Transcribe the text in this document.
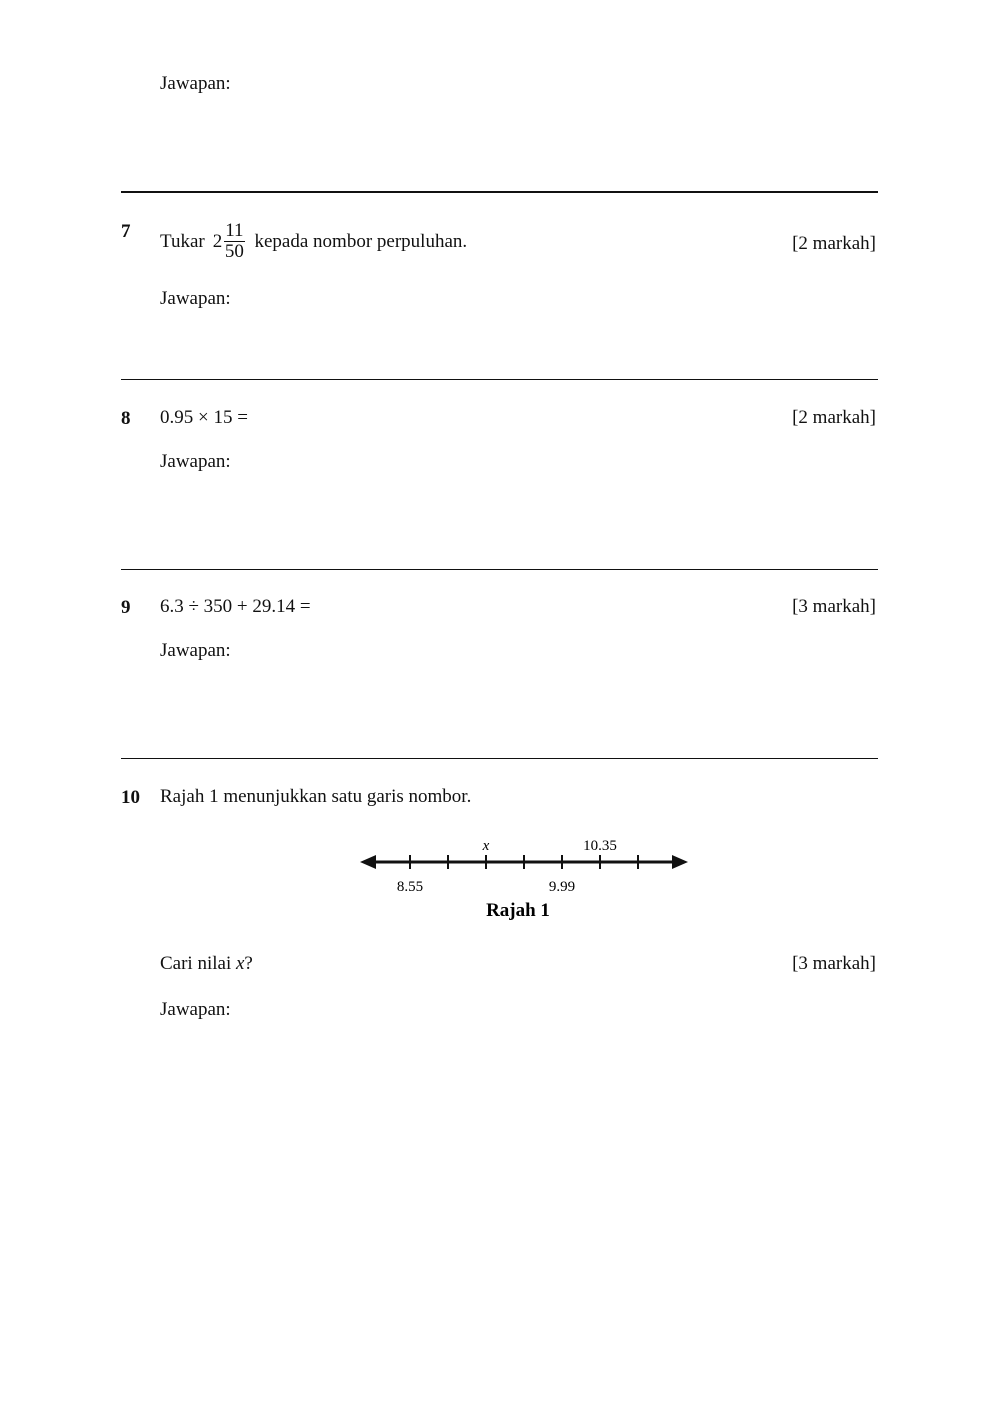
Jawapan:
7 Tukar $2 \frac{11}{50}$ kepada nombor perpuluhan.	[2 markah]
Jawapan:
8 0.95 × 15 =	[2 markah]
Jawapan:
9 6.3 ÷ 350 + 29.14 =	[3 markah]
Jawapan:
10 Rajah 1 menunjukkan satu garis nombor.
x	10.35
8.55	9.99
Rajah 1
Cari nilai x?	[3 markah]
Jawapan:
